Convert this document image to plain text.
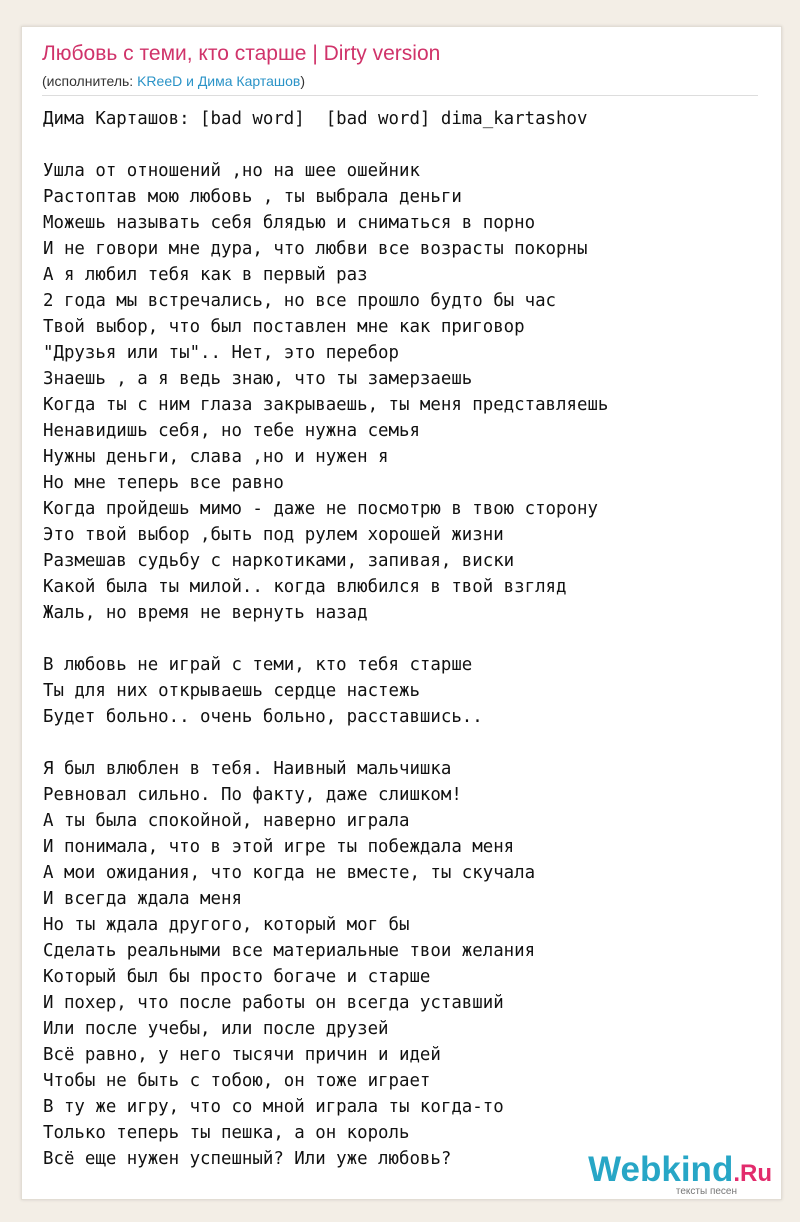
Любовь с теми, кто старше | Dirty version
(исполнитель: KReeD и Дима Карташов)
Дима Карташов: [bad word]  [bad word] dima_kartashov

Ушла от отношений ,но на шее ошейник
Растоптав мою любовь , ты выбрала деньги
Можешь называть себя блядью и сниматься в порно
И не говори мне дура, что любви все возрасты покорны
А я любил тебя как в первый раз
2 года мы встречались, но все прошло будто бы час
Твой выбор, что был поставлен мне как приговор
"Друзья или ты".. Нет, это перебор
Знаешь , а я ведь знаю, что ты замерзаешь
Когда ты с ним глаза закрываешь, ты меня представляешь
Ненавидишь себя, но тебе нужна семья
Нужны деньги, слава ,но и нужен я
Но мне теперь все равно
Когда пройдешь мимо - даже не посмотрю в твою сторону
Это твой выбор ,быть под рулем хорошей жизни
Размешав судьбу с наркотиками, запивая, виски
Какой была ты милой.. когда влюбился в твой взгляд
Жаль, но время не вернуть назад

В любовь не играй с теми, кто тебя старше
Ты для них открываешь сердце настежь
Будет больно.. очень больно, расставшись..

Я был влюблен в тебя. Наивный мальчишка
Ревновал сильно. По факту, даже слишком!
А ты была спокойной, наверно играла
И понимала, что в этой игре ты побеждала меня
А мои ожидания, что когда не вместе, ты скучала
И всегда ждала меня
Но ты ждала другого, который мог бы
Сделать реальными все материальные твои желания
Который был бы просто богаче и старше
И похер, что после работы он всегда уставший
Или после учебы, или после друзей
Всё равно, у него тысячи причин и идей
Чтобы не быть с тобою, он тоже играет
В ту же игру, что со мной играла ты когда-то
Только теперь ты пешка, а он король
Всё еще нужен успешный? Или уже любовь?	Webkind.Ru
тексты песен
